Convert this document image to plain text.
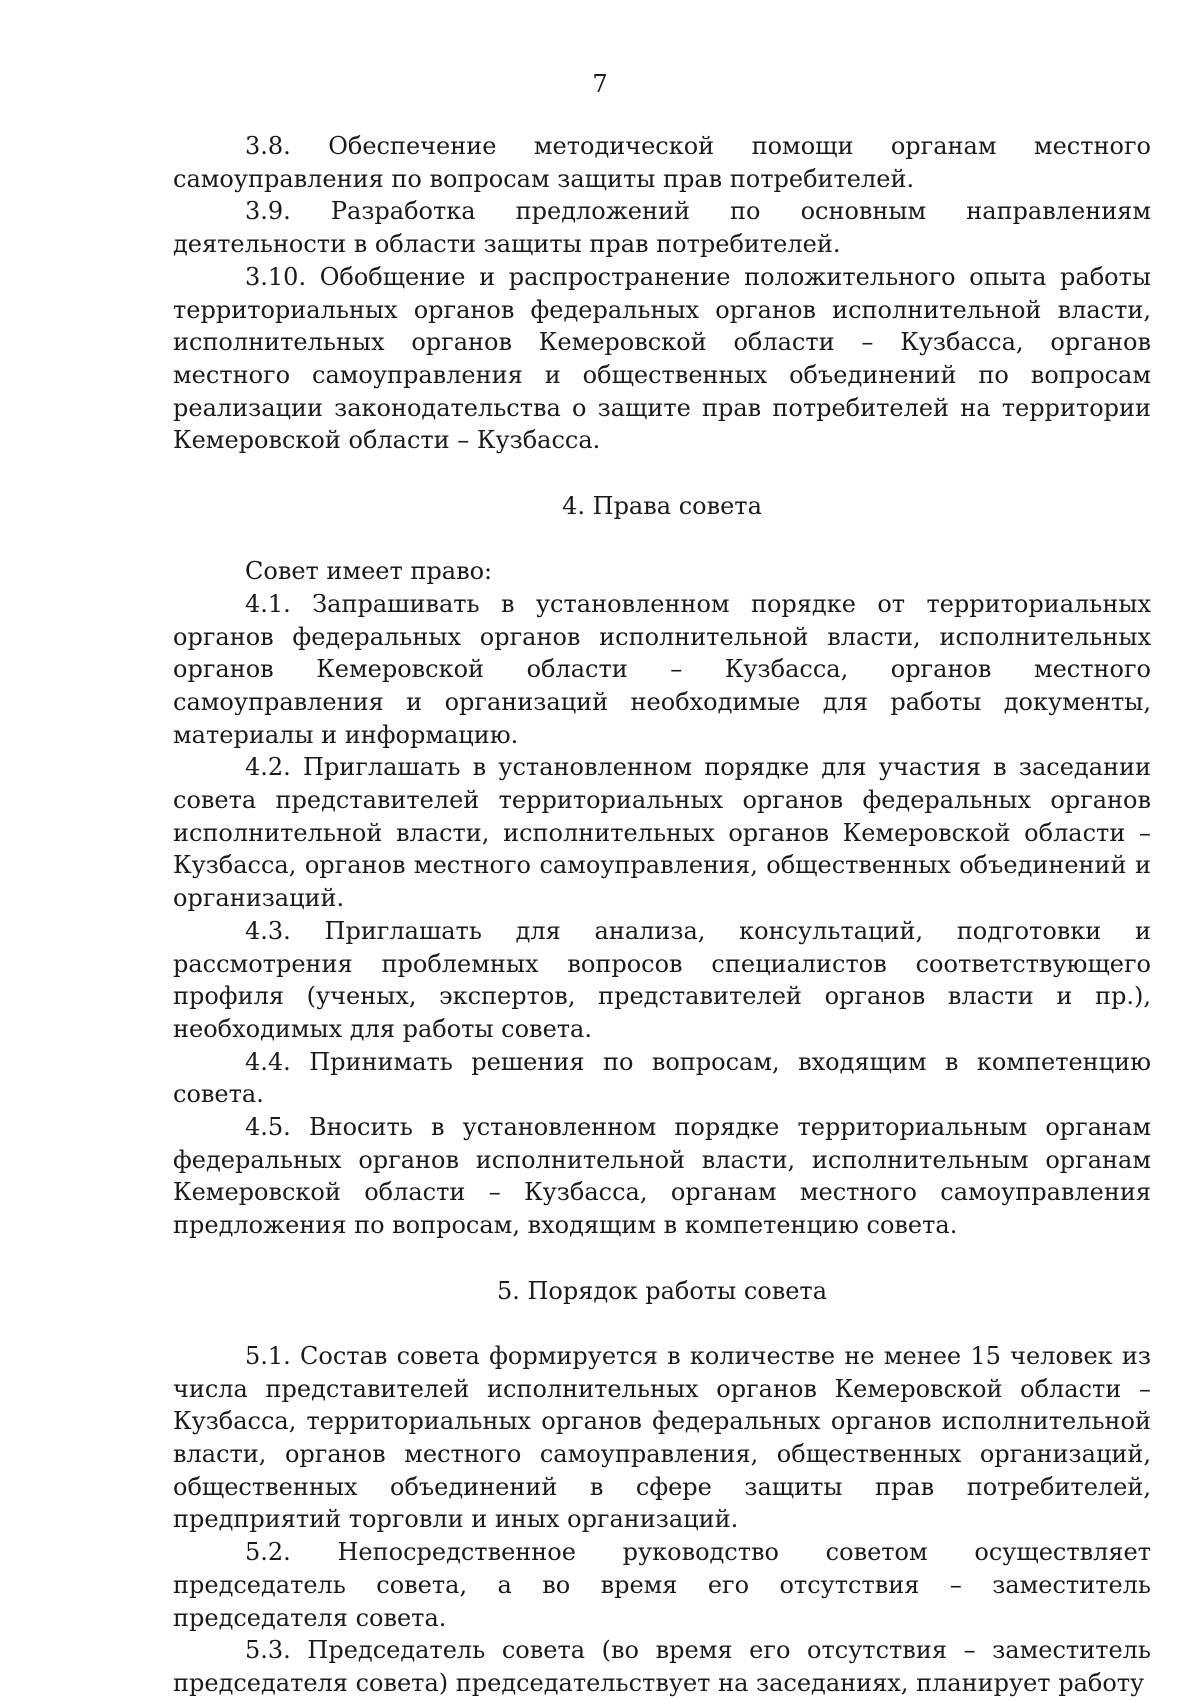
7

3.8. Обеспечение методической помощи органам местного самоуправления по вопросам защиты прав потребителей.

3.9. Разработка предложений по основным направлениям деятельности в области защиты прав потребителей.

3.10. Обобщение и распространение положительного опыта работы территориальных органов федеральных органов исполнительной власти, исполнительных органов Кемеровской области – Кузбасса, органов местного самоуправления и общественных объединений по вопросам реализации законодательства о защите прав потребителей на территории Кемеровской области – Кузбасса.

4. Права совета

Совет имеет право:

4.1. Запрашивать в установленном порядке от территориальных органов федеральных органов исполнительной власти, исполнительных органов Кемеровской области – Кузбасса, органов местного самоуправления и организаций необходимые для работы документы, материалы и информацию.

4.2. Приглашать в установленном порядке для участия в заседании совета представителей территориальных органов федеральных органов исполнительной власти, исполнительных органов Кемеровской области – Кузбасса, органов местного самоуправления, общественных объединений и организаций.

4.3. Приглашать для анализа, консультаций, подготовки и рассмотрения проблемных вопросов специалистов соответствующего профиля (ученых, экспертов, представителей органов власти и пр.), необходимых для работы совета.

4.4. Принимать решения по вопросам, входящим в компетенцию совета.

4.5. Вносить в установленном порядке территориальным органам федеральных органов исполнительной власти, исполнительным органам Кемеровской области – Кузбасса, органам местного самоуправления предложения по вопросам, входящим в компетенцию совета.

5. Порядок работы совета

5.1. Состав совета формируется в количестве не менее 15 человек из числа представителей исполнительных органов Кемеровской области – Кузбасса, территориальных органов федеральных органов исполнительной власти, органов местного самоуправления, общественных организаций, общественных объединений в сфере защиты прав потребителей, предприятий торговли и иных организаций.

5.2. Непосредственное руководство советом осуществляет председатель совета, а во время его отсутствия – заместитель председателя совета.

5.3. Председатель совета (во время его отсутствия – заместитель председателя совета) председательствует на заседаниях, планирует работу
